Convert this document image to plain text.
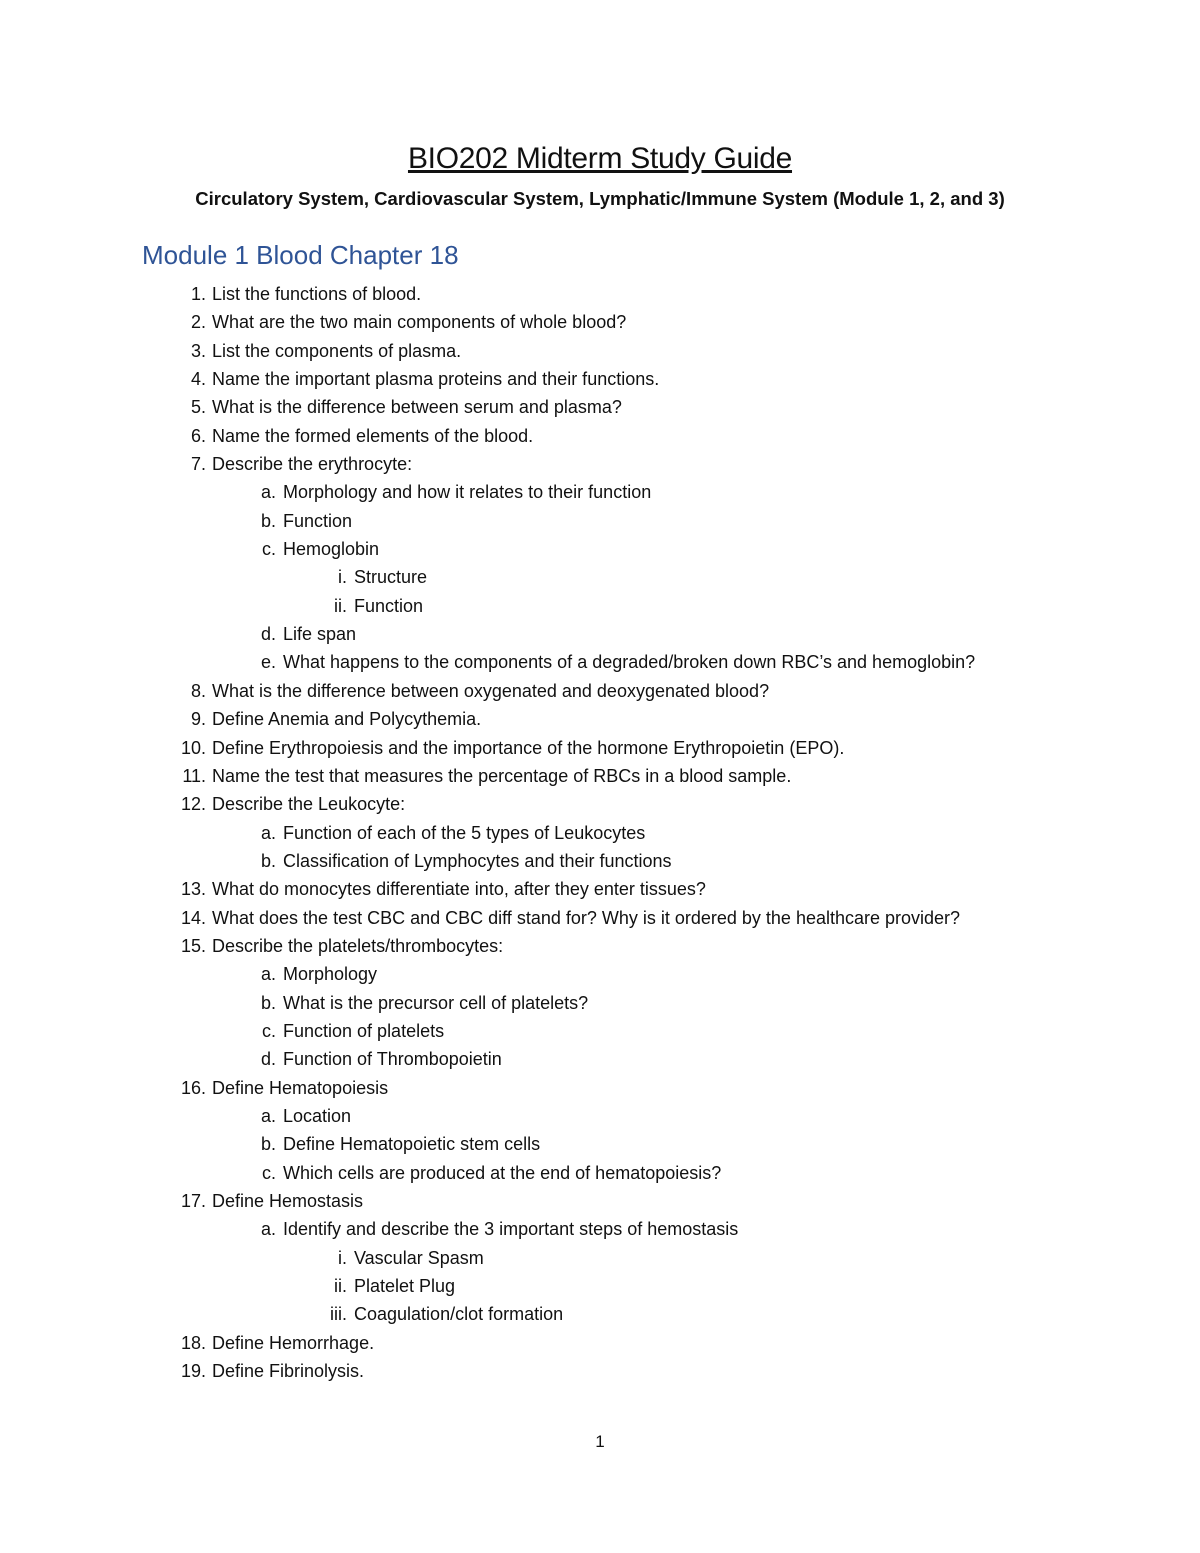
BIO202 Midterm Study Guide
Circulatory System, Cardiovascular System, Lymphatic/Immune System (Module 1, 2, and 3)
Module 1 Blood Chapter 18
1. List the functions of blood.
2. What are the two main components of whole blood?
3. List the components of plasma.
4. Name the important plasma proteins and their functions.
5. What is the difference between serum and plasma?
6. Name the formed elements of the blood.
7. Describe the erythrocyte:
a. Morphology and how it relates to their function
b. Function
c. Hemoglobin
i. Structure
ii. Function
d. Life span
e. What happens to the components of a degraded/broken down RBC’s and hemoglobin?
8. What is the difference between oxygenated and deoxygenated blood?
9. Define Anemia and Polycythemia.
10. Define Erythropoiesis and the importance of the hormone Erythropoietin (EPO).
11. Name the test that measures the percentage of RBCs in a blood sample.
12. Describe the Leukocyte:
a. Function of each of the 5 types of Leukocytes
b. Classification of Lymphocytes and their functions
13. What do monocytes differentiate into, after they enter tissues?
14. What does the test CBC and CBC diff stand for? Why is it ordered by the healthcare provider?
15. Describe the platelets/thrombocytes:
a. Morphology
b. What is the precursor cell of platelets?
c. Function of platelets
d. Function of Thrombopoietin
16. Define Hematopoiesis
a. Location
b. Define Hematopoietic stem cells
c. Which cells are produced at the end of hematopoiesis?
17. Define Hemostasis
a. Identify and describe the 3 important steps of hemostasis
i. Vascular Spasm
ii. Platelet Plug
iii. Coagulation/clot formation
18. Define Hemorrhage.
19. Define Fibrinolysis.
1
